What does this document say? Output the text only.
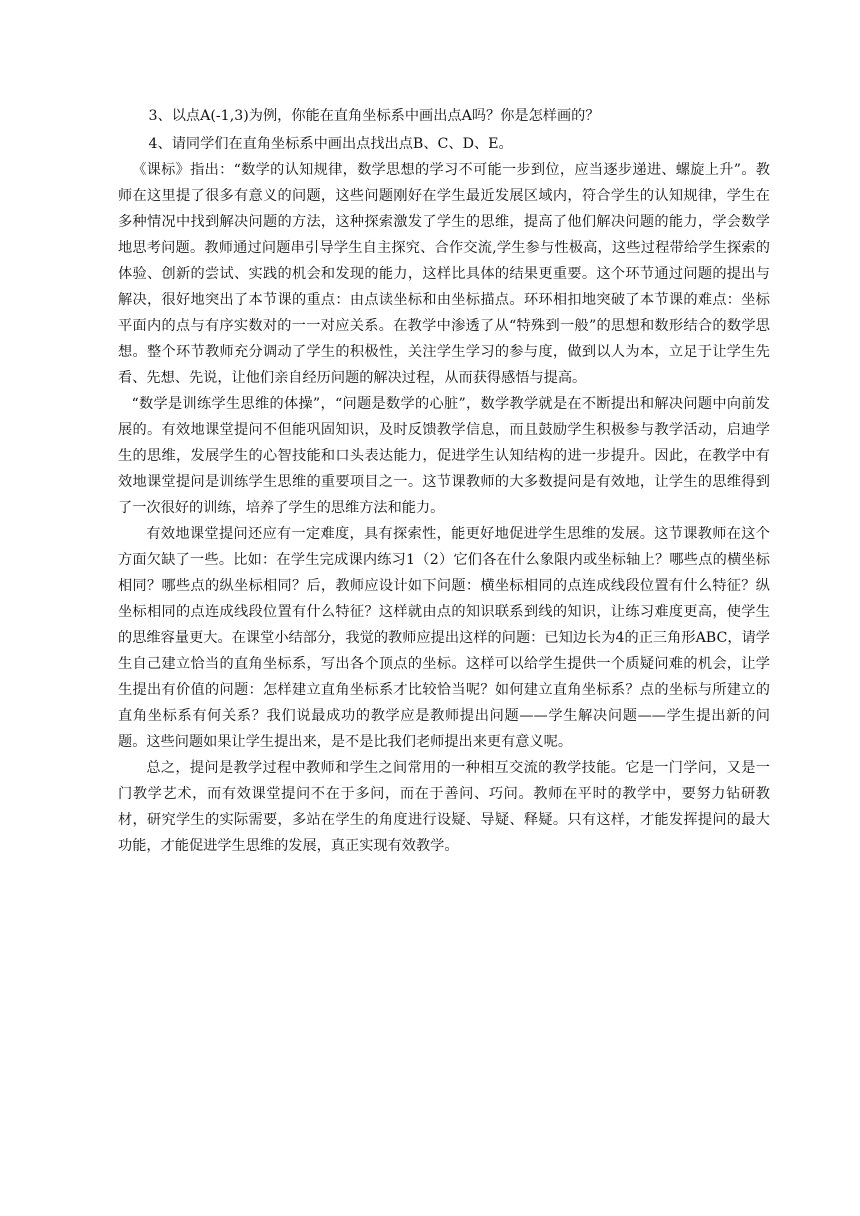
3、以点A(-1,3)为例，你能在直角坐标系中画出点A吗？你是怎样画的？

4、请同学们在直角坐标系中画出点找出点B、C、D、E。

《课标》指出：“数学的认知规律，数学思想的学习不可能一步到位，应当逐步递进、螺旋上升”。教师在这里提了很多有意义的问题，这些问题刚好在学生最近发展区域内，符合学生的认知规律，学生在多种情况中找到解决问题的方法，这种探索激发了学生的思维，提高了他们解决问题的能力，学会数学地思考问题。教师通过问题串引导学生自主探究、合作交流,学生参与性极高，这些过程带给学生探索的体验、创新的尝试、实践的机会和发现的能力，这样比具体的结果更重要。这个环节通过问题的提出与解决，很好地突出了本节课的重点：由点读坐标和由坐标描点。环环相扣地突破了本节课的难点：坐标平面内的点与有序实数对的一一对应关系。在教学中渗透了从“特殊到一般”的思想和数形结合的数学思想。整个环节教师充分调动了学生的积极性，关注学生学习的参与度，做到以人为本，立足于让学生先看、先想、先说，让他们亲自经历问题的解决过程，从而获得感悟与提高。

“数学是训练学生思维的体操”，“问题是数学的心脏”，数学教学就是在不断提出和解决问题中向前发展的。有效地课堂提问不但能巩固知识，及时反馈教学信息，而且鼓励学生积极参与教学活动，启迪学生的思维，发展学生的心智技能和口头表达能力，促进学生认知结构的进一步提升。因此，在教学中有效地课堂提问是训练学生思维的重要项目之一。这节课教师的大多数提问是有效地，让学生的思维得到了一次很好的训练，培养了学生的思维方法和能力。

有效地课堂提问还应有一定难度，具有探索性，能更好地促进学生思维的发展。这节课教师在这个方面欠缺了一些。比如：在学生完成课内练习1（2）它们各在什么象限内或坐标轴上？哪些点的横坐标相同？哪些点的纵坐标相同？后，教师应设计如下问题：横坐标相同的点连成线段位置有什么特征？纵坐标相同的点连成线段位置有什么特征？这样就由点的知识联系到线的知识，让练习难度更高，使学生的思维容量更大。在课堂小结部分，我觉的教师应提出这样的问题：已知边长为4的正三角形ABC，请学生自己建立恰当的直角坐标系，写出各个顶点的坐标。这样可以给学生提供一个质疑问难的机会，让学生提出有价值的问题：怎样建立直角坐标系才比较恰当呢？如何建立直角坐标系？点的坐标与所建立的直角坐标系有何关系？我们说最成功的教学应是教师提出问题——学生解决问题——学生提出新的问题。这些问题如果让学生提出来，是不是比我们老师提出来更有意义呢。

总之，提问是教学过程中教师和学生之间常用的一种相互交流的教学技能。它是一门学问，又是一门教学艺术，而有效课堂提问不在于多问，而在于善问、巧问。教师在平时的教学中，要努力钻研教材，研究学生的实际需要，多站在学生的角度进行设疑、导疑、释疑。只有这样，才能发挥提问的最大功能，才能促进学生思维的发展，真正实现有效教学。
